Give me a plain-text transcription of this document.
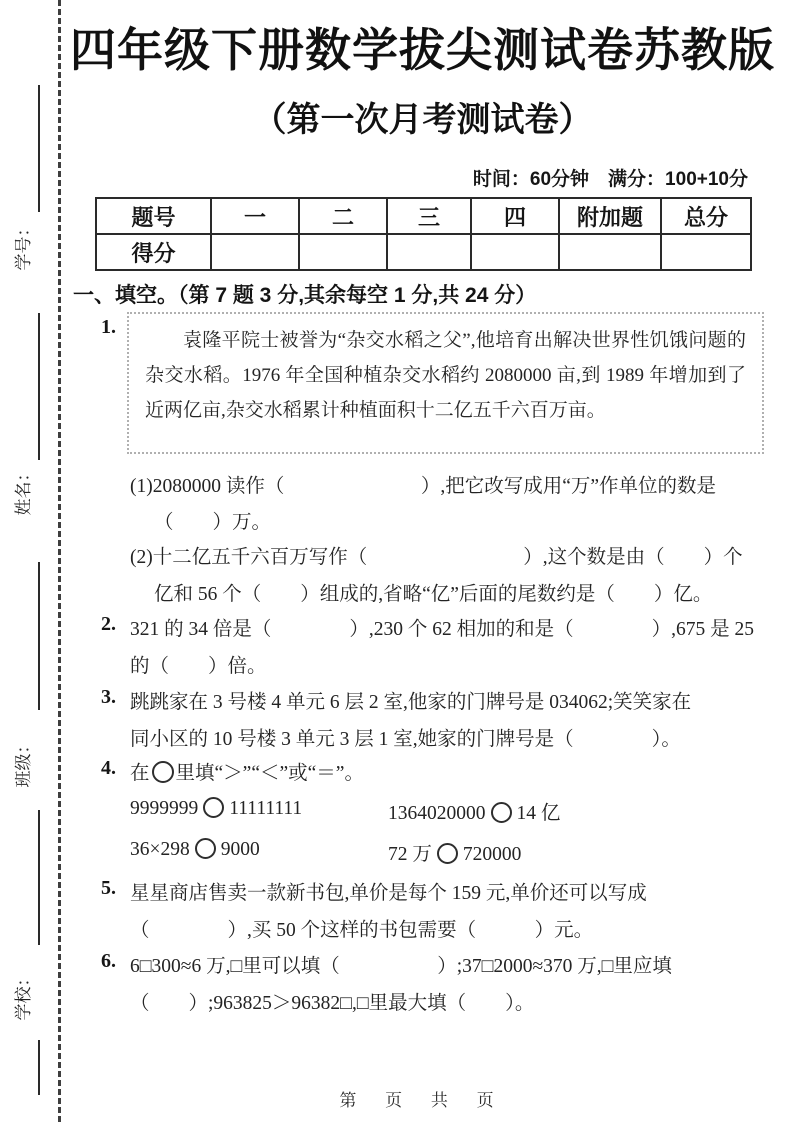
学号：
姓名：
班级：
学校：
四年级下册数学拔尖测试卷苏教版
（第一次月考测试卷）
时间：60分钟　满分：100+10分
题号	一	二	三	四	附加题	总分
得分						
一、填空。（第 7 题 3 分,其余每空 1 分,共 24 分）
1.
袁隆平院士被誉为“杂交水稻之父”,他培育出解决世界性饥饿问题的杂交水稻。1976 年全国种植杂交水稻约 2080000 亩,到 1989 年增加到了近两亿亩,杂交水稻累计种植面积十二亿五千六百万亩。
(1)2080000 读作（　　　　　　　）,把它改写成用“万”作单位的数是
（　　）万。
(2)十二亿五千六百万写作（　　　　　　　　）,这个数是由（　　）个
亿和 56 个（　　）组成的,省略“亿”后面的尾数约是（　　）亿。
2. 321 的 34 倍是（　　　　）,230 个 62 相加的和是（　　　　）,675 是 25
的（　　）倍。
3. 跳跳家在 3 号楼 4 单元 6 层 2 室,他家的门牌号是 034062;笑笑家在
同小区的 10 号楼 3 单元 3 层 1 室,她家的门牌号是（　　　　）。
4. 在 里填“＞”“＜”或“＝”。
9999999 11111111	1364020000 14 亿
36×298 9000	72 万 720000
5. 星星商店售卖一款新书包,单价是每个 159 元,单价还可以写成
（　　　　）,买 50 个这样的书包需要（　　　）元。
6. 6□300≈6 万,□里可以填（　　　　　）;37□2000≈370 万,□里应填
（　　）;963825＞96382□,□里最大填（　　）。
第 页 共 页
